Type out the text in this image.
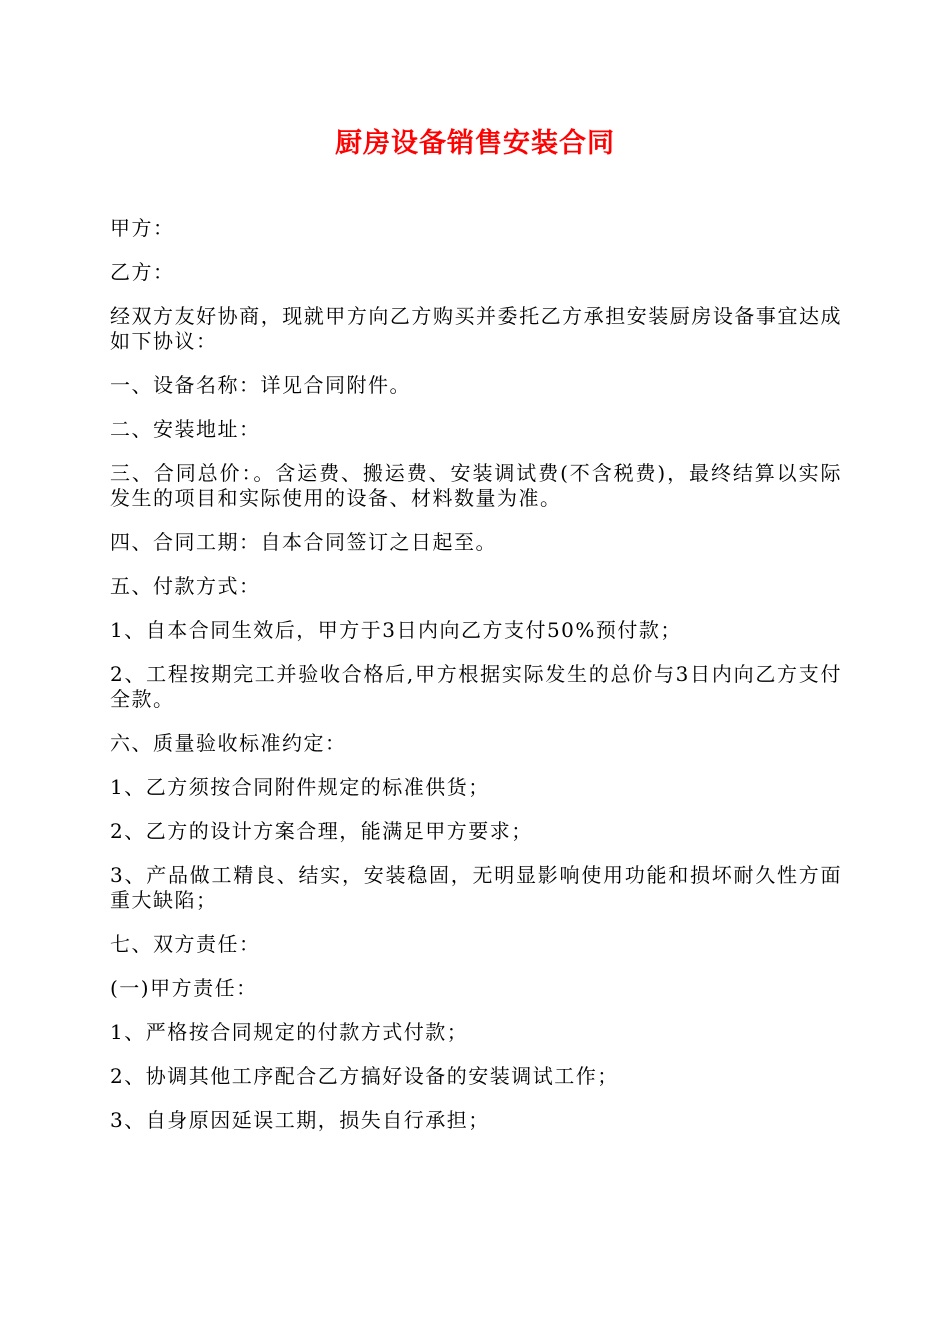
厨房设备销售安装合同

甲方：

乙方：

经双方友好协商，现就甲方向乙方购买并委托乙方承担安装厨房设备事宜达成如下协议：

一、设备名称：详见合同附件。

二、安装地址：

三、合同总价：。含运费、搬运费、安装调试费(不含税费)，最终结算以实际发生的项目和实际使用的设备、材料数量为准。

四、合同工期：自本合同签订之日起至。

五、付款方式：

1、自本合同生效后，甲方于3日内向乙方支付50%预付款；

2、工程按期完工并验收合格后,甲方根据实际发生的总价与3日内向乙方支付全款。

六、质量验收标准约定：

1、乙方须按合同附件规定的标准供货；

2、乙方的设计方案合理，能满足甲方要求；

3、产品做工精良、结实，安装稳固，无明显影响使用功能和损坏耐久性方面重大缺陷；

七、双方责任：

(一)甲方责任：

1、严格按合同规定的付款方式付款；

2、协调其他工序配合乙方搞好设备的安装调试工作；

3、自身原因延误工期，损失自行承担；
